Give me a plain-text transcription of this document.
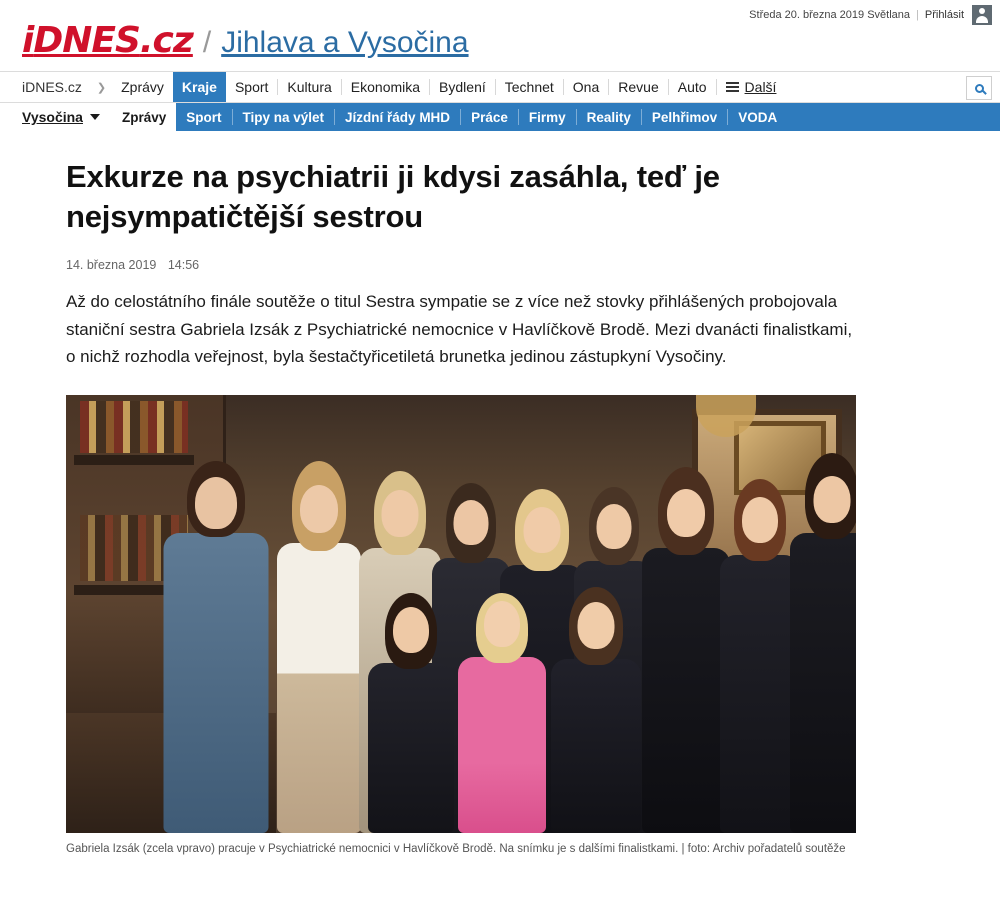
Středa 20. března 2019 Světlana | Přihlásit
iDNES.cz / Jihlava a Vysočina
iDNES.cz	❯	Zprávy	Kraje	Sport	Kultura	Ekonomika	Bydlení	Technet	Ona	Revue	Auto	Další
Vysočina	Zprávy	Sport	Tipy na výlet	Jízdní řády MHD	Práce	Firmy	Reality	Pelhřimov	VODA
Exkurze na psychiatrii ji kdysi zasáhla, teď je nejsympatičtější sestrou
14. března 2019 14:56

Až do celostátního finále soutěže o titul Sestra sympatie se z více než stovky přihlášených probojovala staniční sestra Gabriela Izsák z Psychiatrické nemocnice v Havlíčkově Brodě. Mezi dvanácti finalistkami, o nichž rozhodla veřejnost, byla šestačtyřicetiletá brunetka jedinou zástupkyní Vysočiny.

Gabriela Izsák (zcela vpravo) pracuje v Psychiatrické nemocnici v Havlíčkově Brodě. Na snímku je s dalšími finalistkami. | foto: Archiv pořadatelů soutěže
